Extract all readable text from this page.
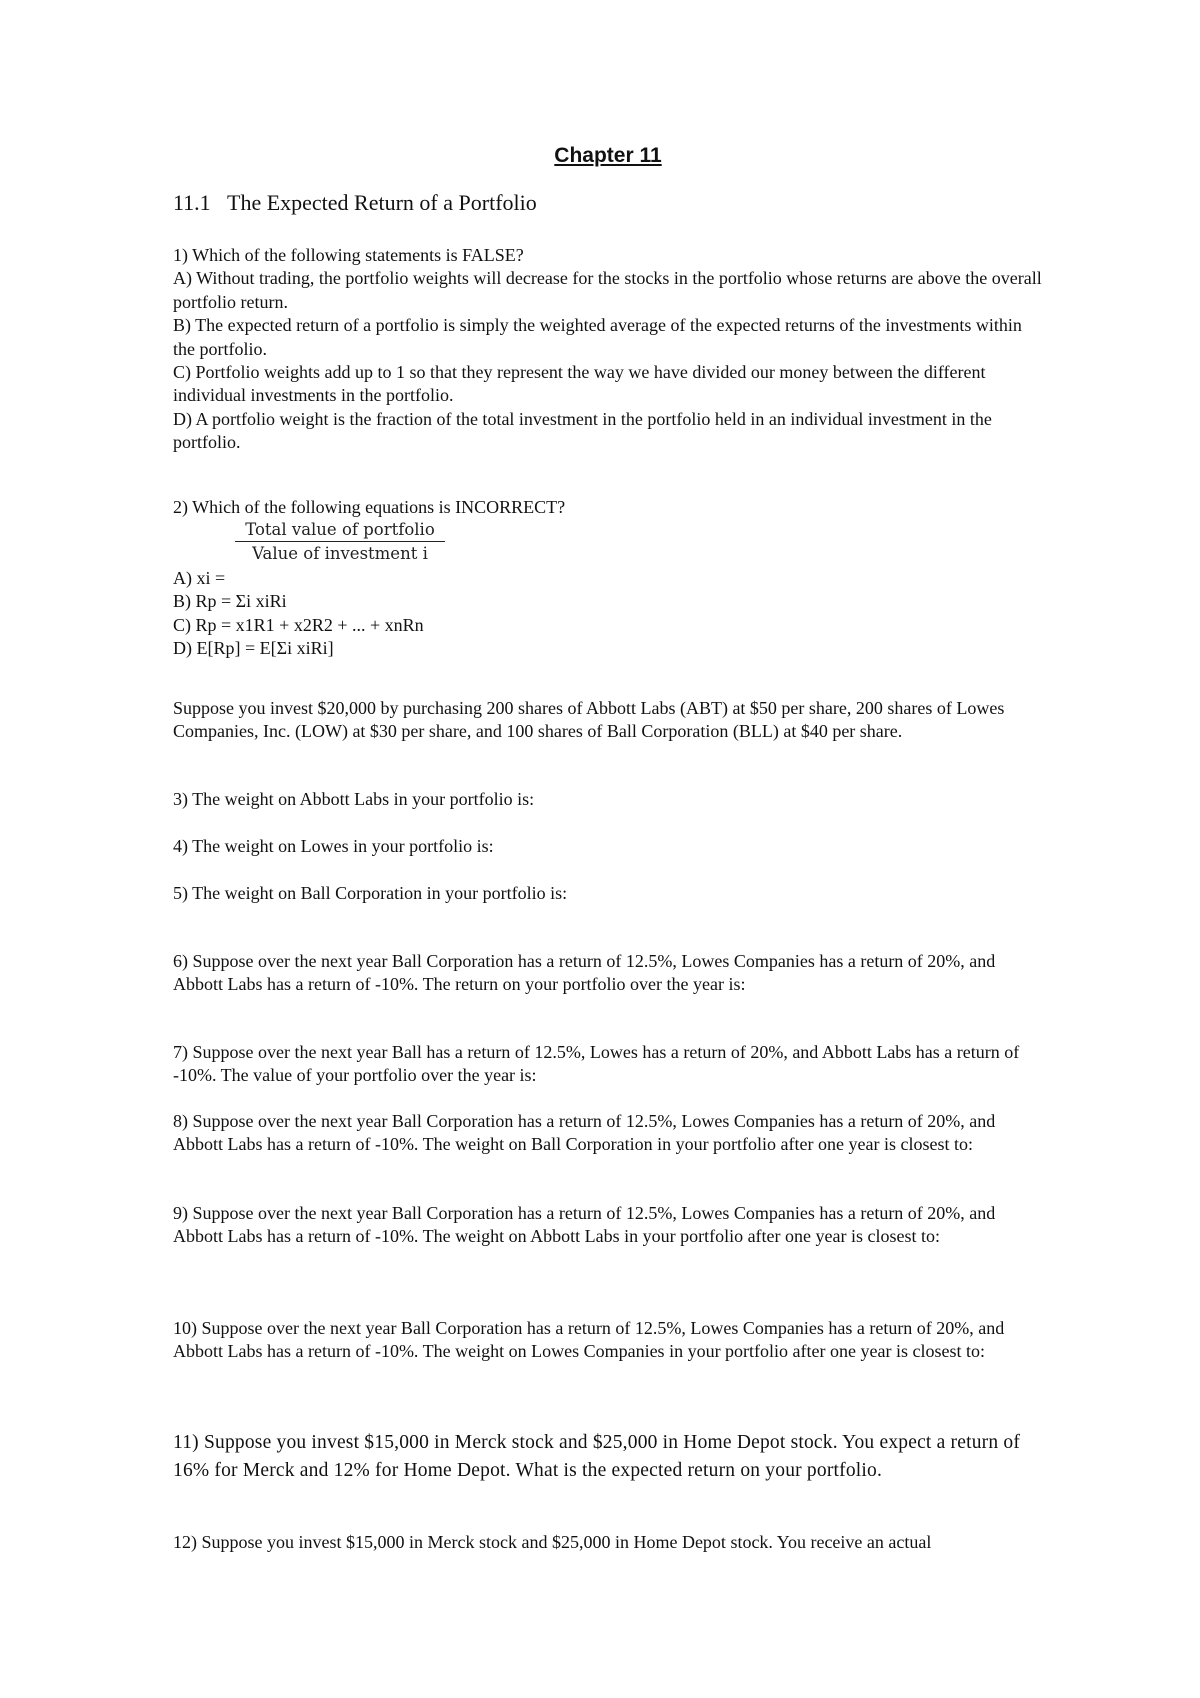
Chapter 11
11.1 The Expected Return of a Portfolio

1) Which of the following statements is FALSE?

A) Without trading, the portfolio weights will decrease for the stocks in the portfolio whose returns are above the overall portfolio return.

B) The expected return of a portfolio is simply the weighted average of the expected returns of the investments within the portfolio.

C) Portfolio weights add up to 1 so that they represent the way we have divided our money between the different individual investments in the portfolio.

D) A portfolio weight is the fraction of the total investment in the portfolio held in an individual investment in the portfolio.

2) Which of the following equations is INCORRECT?
Total value of portfolio
Value of investment i

A) xi =

B) Rp = Σi xiRi

C) Rp = x1R1 + x2R2 + ... + xnRn

D) E[Rp] = E[Σi xiRi]

Suppose you invest $20,000 by purchasing 200 shares of Abbott Labs (ABT) at $50 per share, 200 shares of Lowes Companies, Inc. (LOW) at $30 per share, and 100 shares of Ball Corporation (BLL) at $40 per share.
3) The weight on Abbott Labs in your portfolio is:
4) The weight on Lowes in your portfolio is:
5) The weight on Ball Corporation in your portfolio is:
6) Suppose over the next year Ball Corporation has a return of 12.5%, Lowes Companies has a return of 20%, and Abbott Labs has a return of -10%. The return on your portfolio over the year is:
7) Suppose over the next year Ball has a return of 12.5%, Lowes has a return of 20%, and Abbott Labs has a return of -10%. The value of your portfolio over the year is:
8) Suppose over the next year Ball Corporation has a return of 12.5%, Lowes Companies has a return of 20%, and Abbott Labs has a return of -10%. The weight on Ball Corporation in your portfolio after one year is closest to:
9) Suppose over the next year Ball Corporation has a return of 12.5%, Lowes Companies has a return of 20%, and Abbott Labs has a return of -10%. The weight on Abbott Labs in your portfolio after one year is closest to:
10) Suppose over the next year Ball Corporation has a return of 12.5%, Lowes Companies has a return of 20%, and Abbott Labs has a return of -10%. The weight on Lowes Companies in your portfolio after one year is closest to:
11) Suppose you invest $15,000 in Merck stock and $25,000 in Home Depot stock. You expect a return of 16% for Merck and 12% for Home Depot. What is the expected return on your portfolio.
12) Suppose you invest $15,000 in Merck stock and $25,000 in Home Depot stock. You receive an actual
